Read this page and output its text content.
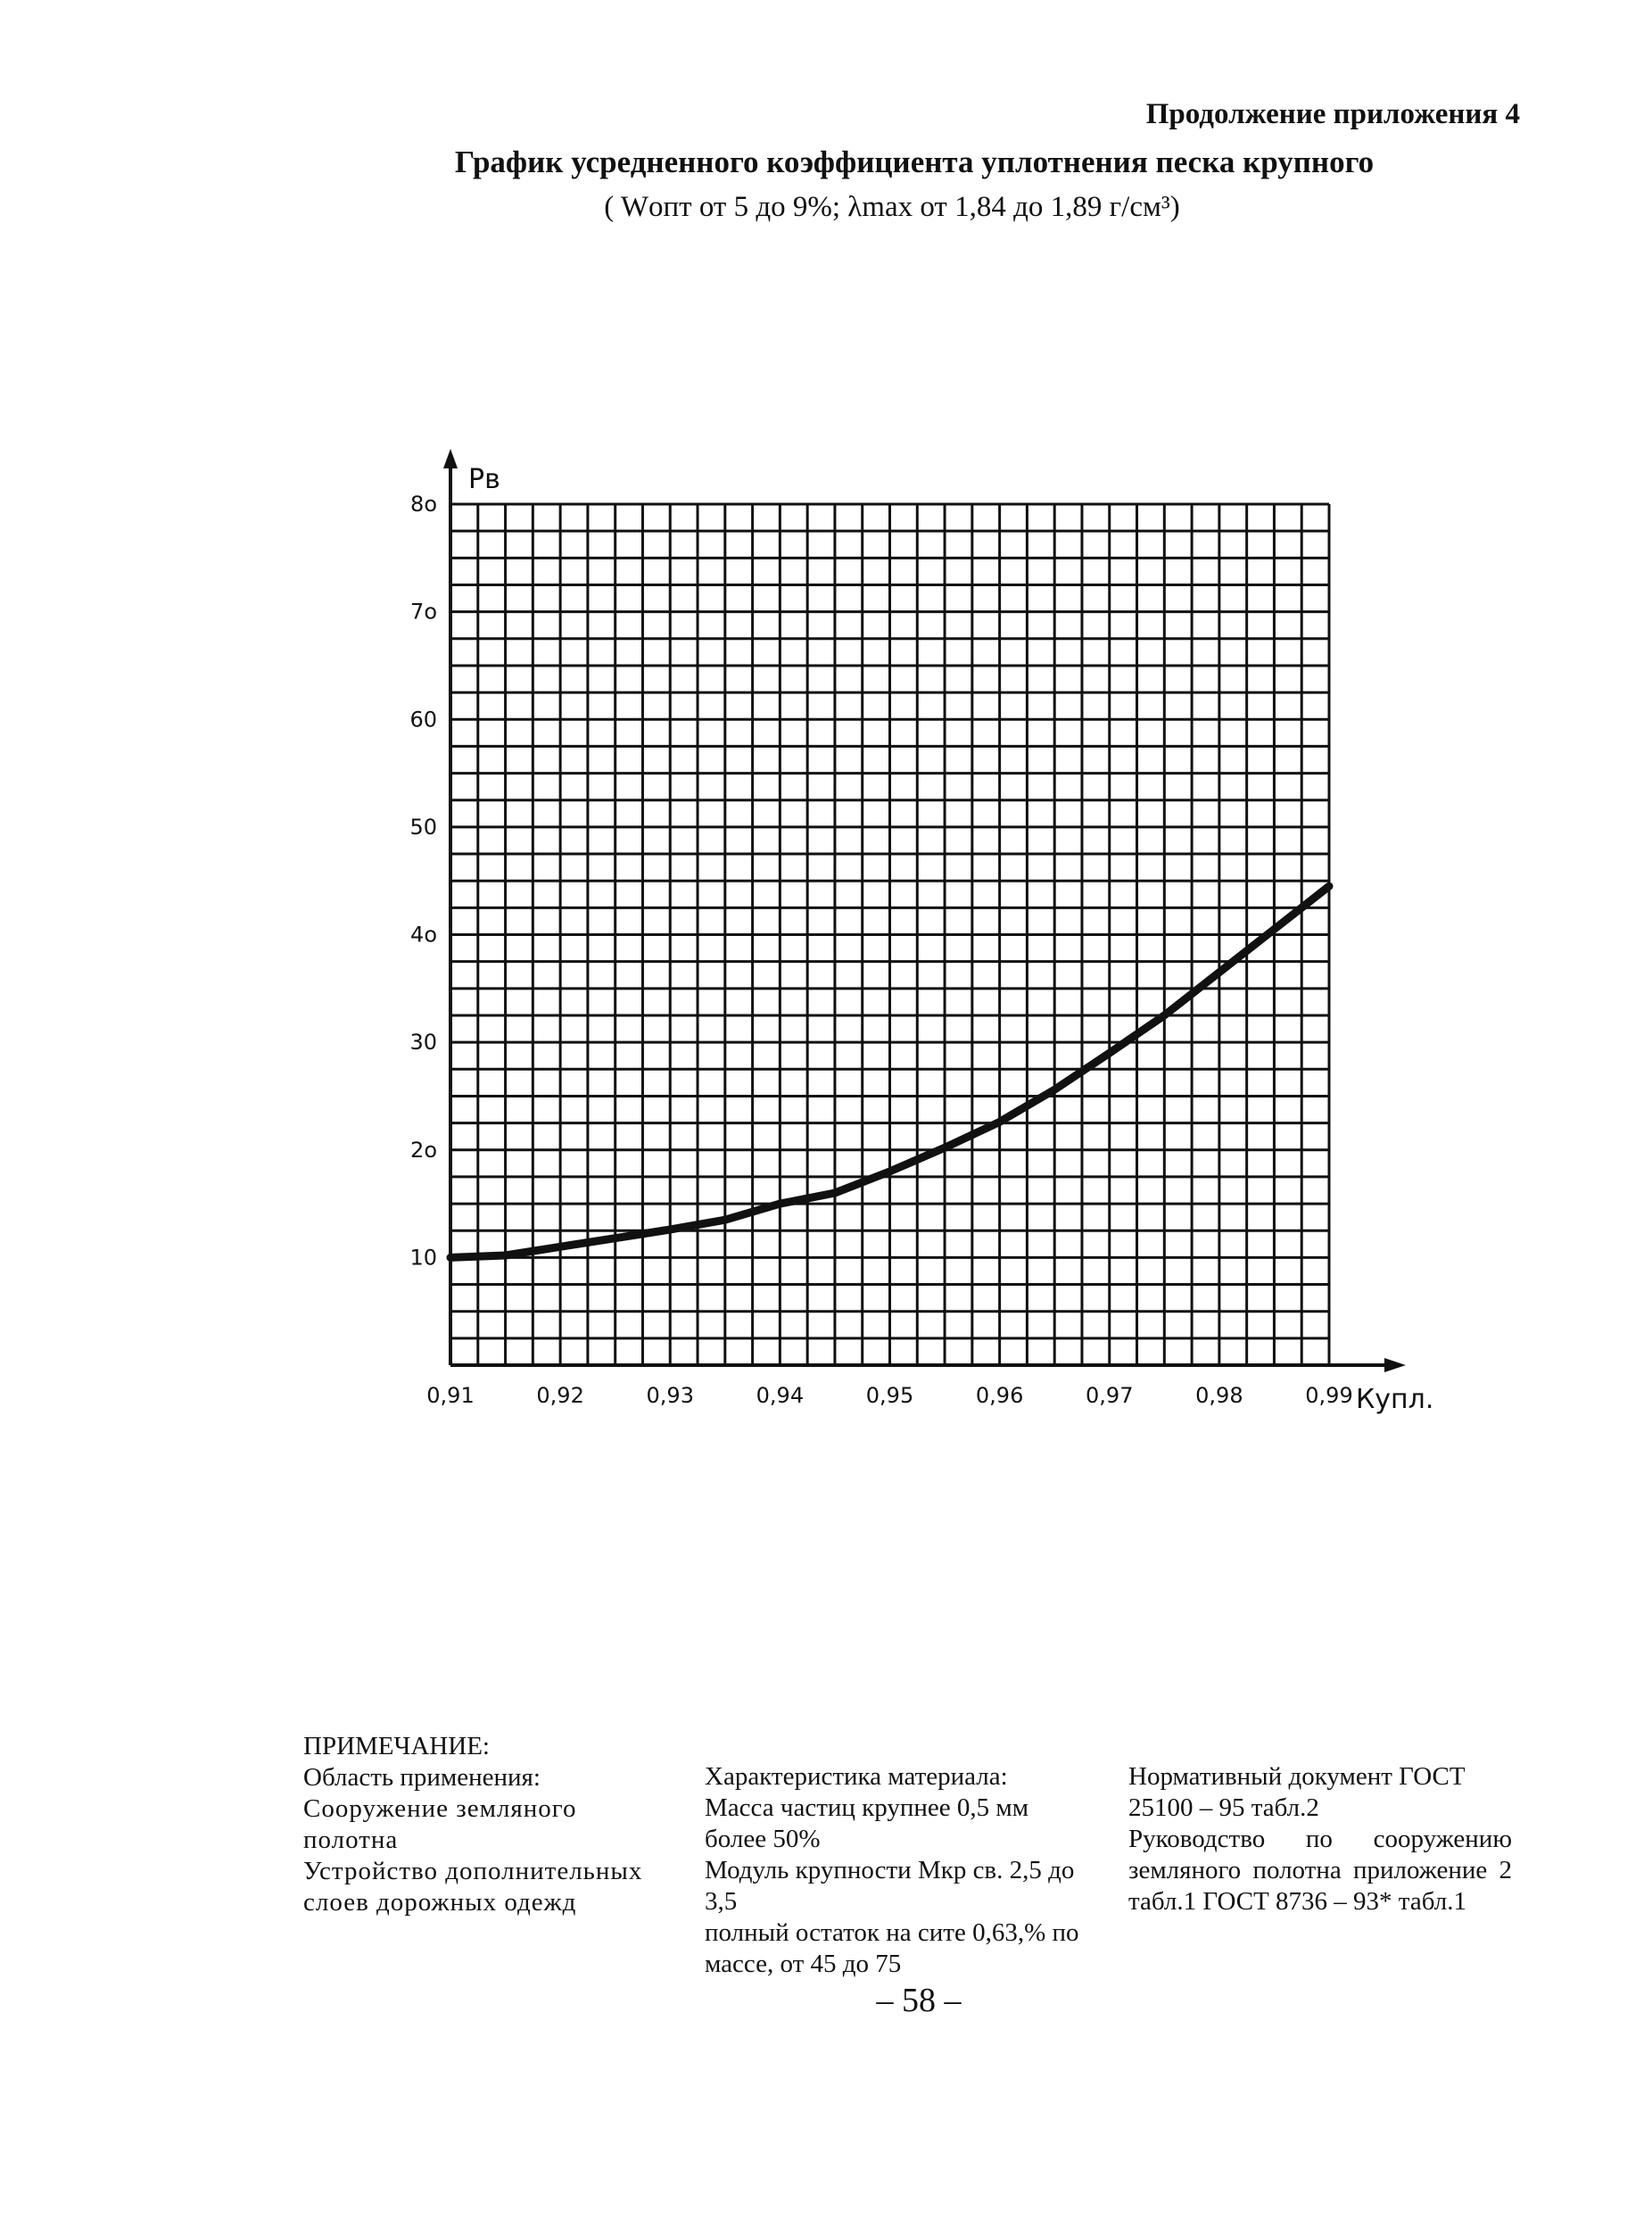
Продолжение приложения 4
График усредненного коэффициента уплотнения песка крупного
( Wопт от 5 до 9%; λmax от 1,84 до 1,89 г/см³)
10
2о
30
4о
50
60
7о
8о
0,91	0,92	0,93	0,94	0,95	0,96	0,97	0,98	0,99
Рв
Купл.
ПРИМЕЧАНИЕ:
Область применения:
Сооружение земляного полотна
Устройство дополнительных слоев дорожных одежд
Характеристика материала:
Масса частиц крупнее 0,5 мм более 50%
Модуль крупности Мкр св. 2,5 до 3,5
полный остаток на сите 0,63,% по массе, от 45 до 75
Нормативный документ ГОСТ 25100 – 95 табл.2
Руководство по сооружению земляного полотна приложение 2 табл.1 ГОСТ 8736 – 93* табл.1
– 58 –
